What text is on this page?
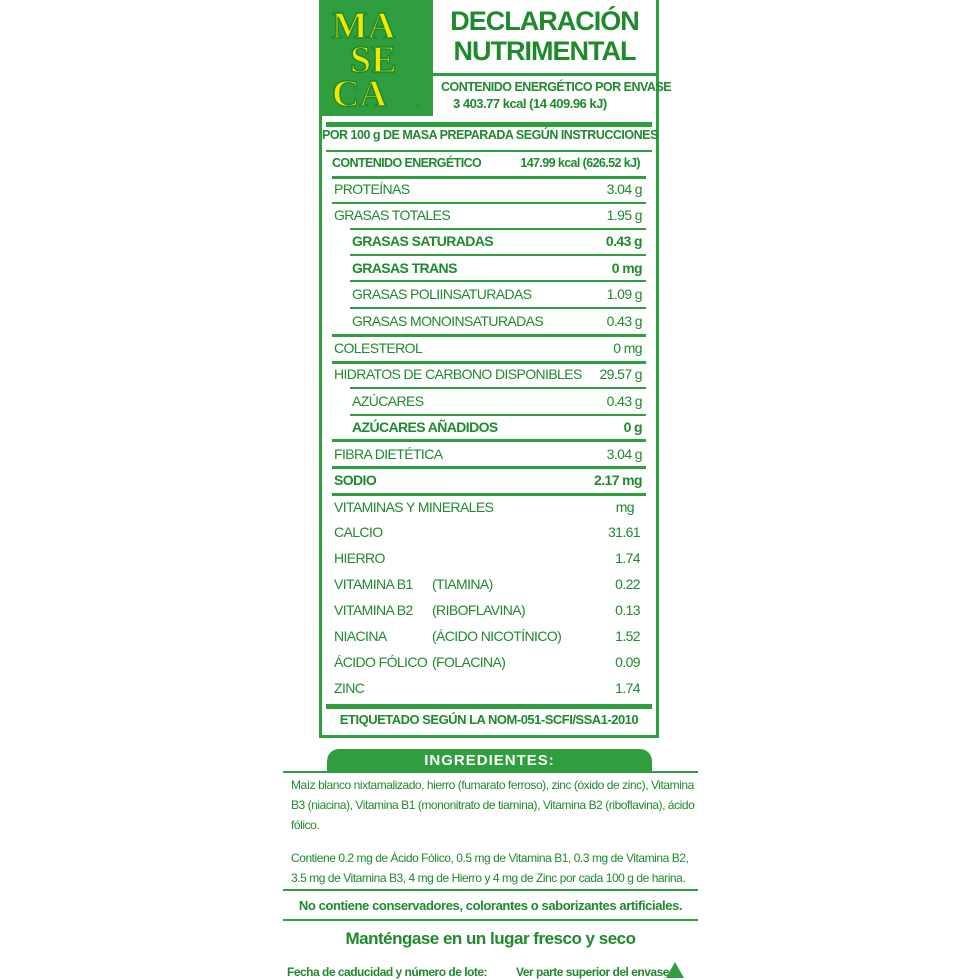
MA
SE
CA
DECLARACIÓN
NUTRIMENTAL
CONTENIDO ENERGÉTICO POR ENVASE
3 403.77 kcal (14 409.96 kJ)
POR 100 g DE MASA PREPARADA SEGÚN INSTRUCCIONES
CONTENIDO ENERGÉTICO	147.99 kcal (626.52 kJ)
PROTEÍNAS	3.04 g
GRASAS TOTALES	1.95 g
GRASAS SATURADAS	0.43 g
GRASAS TRANS	0 mg
GRASAS POLIINSATURADAS	1.09 g
GRASAS MONOINSATURADAS	0.43 g
COLESTEROL	0 mg
HIDRATOS DE CARBONO DISPONIBLES 29.57 g
AZÚCARES	0.43 g
AZÚCARES AÑADIDOS	0 g
FIBRA DIETÉTICA	3.04 g
SODIO	2.17 mg
VITAMINAS Y MINERALES	mg
CALCIO	31.61
HIERRO	1.74
VITAMINA B1 (TIAMINA)	0.22
VITAMINA B2 (RIBOFLAVINA)	0.13
NIACINA	(ÁCIDO NICOTÍNICO)	1.52
ÁCIDO FÓLICO (FOLACINA)	0.09
ZINC	1.74
ETIQUETADO SEGÚN LA NOM-051-SCFI/SSA1-2010
®
INGREDIENTES:

Maíz blanco nixtamalizado, hierro (fumarato ferroso), zinc (óxido de zinc), Vitamina B3 (niacina), Vitamina B1 (mononitrato de tiamina), Vitamina B2 (riboflavina), ácido fólico.

Contiene 0.2 mg de Ácido Fólico, 0.5 mg de Vitamina B1, 0.3 mg de Vitamina B2, 3.5 mg de Vitamina B3, 4 mg de Hierro y 4 mg de Zinc por cada 100 g de harina.

No contiene conservadores, colorantes o saborizantes artificiales.
Manténgase en un lugar fresco y seco
Fecha de caducidad y número de lote: Ver parte superior del envase
